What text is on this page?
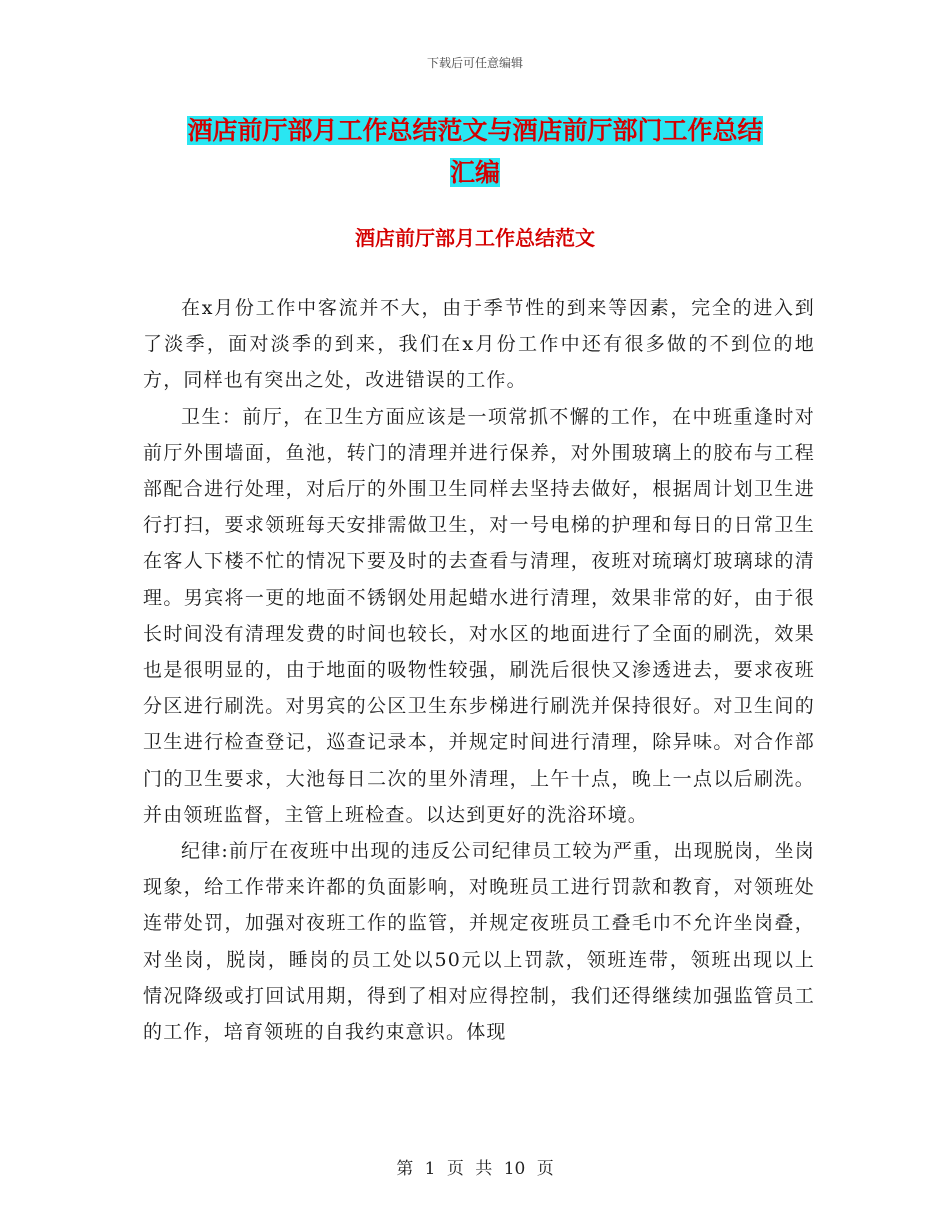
下载后可任意编辑
酒店前厅部月工作总结范文与酒店前厅部门工作总结
汇编
酒店前厅部月工作总结范文

在x月份工作中客流并不大，由于季节性的到来等因素，完全的进入到了淡季，面对淡季的到来，我们在x月份工作中还有很多做的不到位的地方，同样也有突出之处，改进错误的工作。

卫生：前厅，在卫生方面应该是一项常抓不懈的工作，在中班重逢时对前厅外围墙面，鱼池，转门的清理并进行保养，对外围玻璃上的胶布与工程部配合进行处理，对后厅的外围卫生同样去坚持去做好，根据周计划卫生进行打扫，要求领班每天安排需做卫生，对一号电梯的护理和每日的日常卫生在客人下楼不忙的情况下要及时的去查看与清理，夜班对琉璃灯玻璃球的清理。男宾将一更的地面不锈钢处用起蜡水进行清理，效果非常的好，由于很长时间没有清理发费的时间也较长，对水区的地面进行了全面的刷洗，效果也是很明显的，由于地面的吸物性较强，刷洗后很快又渗透进去，要求夜班分区进行刷洗。对男宾的公区卫生东步梯进行刷洗并保持很好。对卫生间的卫生进行检查登记，巡查记录本，并规定时间进行清理，除异味。对合作部门的卫生要求，大池每日二次的里外清理，上午十点，晚上一点以后刷洗。并由领班监督，主管上班检查。以达到更好的洗浴环境。

纪律:前厅在夜班中出现的违反公司纪律员工较为严重，出现脱岗，坐岗现象，给工作带来许都的负面影响，对晚班员工进行罚款和教育，对领班处连带处罚，加强对夜班工作的监管，并规定夜班员工叠毛巾不允许坐岗叠，对坐岗，脱岗，睡岗的员工处以50元以上罚款，领班连带，领班出现以上情况降级或打回试用期，得到了相对应得控制，我们还得继续加强监管员工的工作，培育领班的自我约束意识。体现

第 1 页 共 10 页
